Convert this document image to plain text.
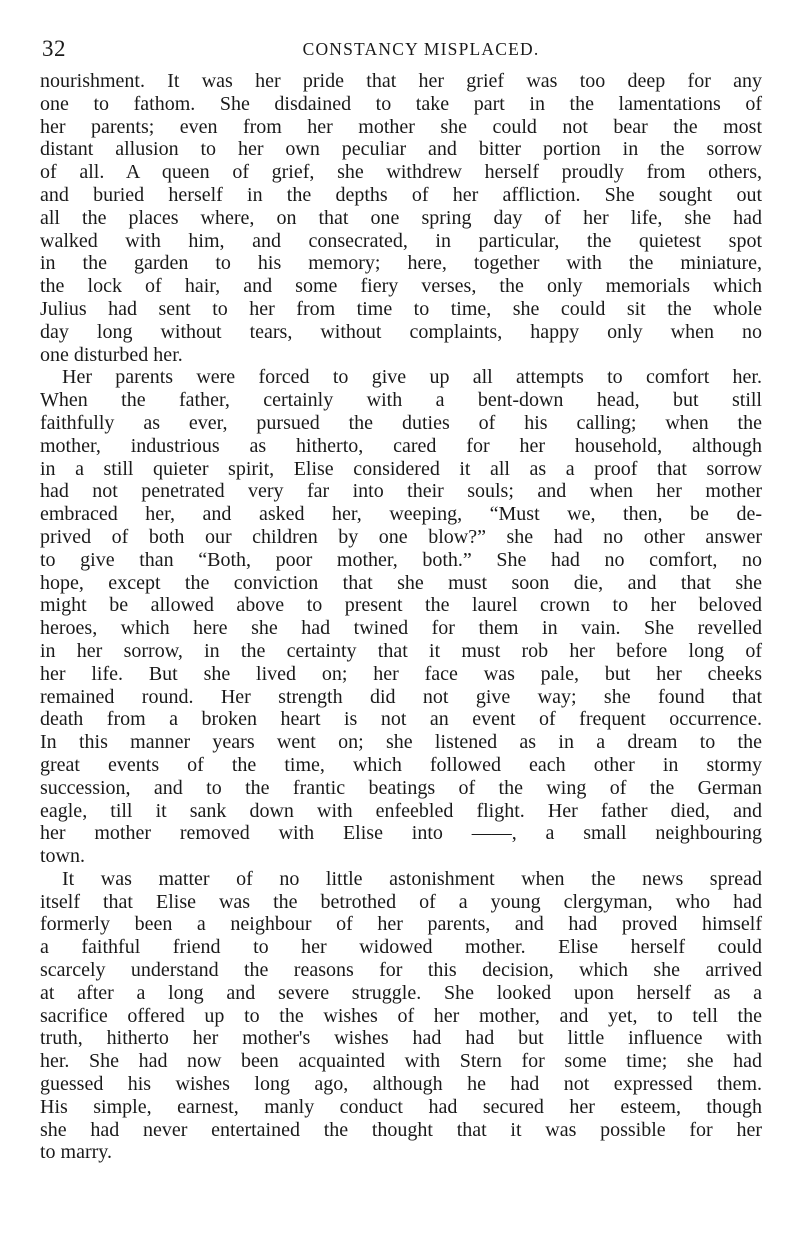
32	CONSTANCY MISPLACED.

nourishment. It was her pride that her grief was too deep for any
one to fathom. She disdained to take part in the lamentations of
her parents; even from her mother she could not bear the most
distant allusion to her own peculiar and bitter portion in the sorrow
of all. A queen of grief, she withdrew herself proudly from others,
and buried herself in the depths of her affliction. She sought out
all the places where, on that one spring day of her life, she had
walked with him, and consecrated, in particular, the quietest spot
in the garden to his memory; here, together with the miniature,
the lock of hair, and some fiery verses, the only memorials which
Julius had sent to her from time to time, she could sit the whole
day long without tears, without complaints, happy only when no
one disturbed her.

Her parents were forced to give up all attempts to comfort her.
When the father, certainly with a bent-down head, but still
faithfully as ever, pursued the duties of his calling; when the
mother, industrious as hitherto, cared for her household, although
in a still quieter spirit, Elise considered it all as a proof that sorrow
had not penetrated very far into their souls; and when her mother
embraced her, and asked her, weeping, “Must we, then, be de-
prived of both our children by one blow?” she had no other answer
to give than “Both, poor mother, both.” She had no comfort, no
hope, except the conviction that she must soon die, and that she
might be allowed above to present the laurel crown to her beloved
heroes, which here she had twined for them in vain. She revelled
in her sorrow, in the certainty that it must rob her before long of
her life. But she lived on; her face was pale, but her cheeks
remained round. Her strength did not give way; she found that
death from a broken heart is not an event of frequent occurrence.
In this manner years went on; she listened as in a dream to the
great events of the time, which followed each other in stormy
succession, and to the frantic beatings of the wing of the German
eagle, till it sank down with enfeebled flight. Her father died, and
her mother removed with Elise into ——, a small neighbouring
town.

It was matter of no little astonishment when the news spread
itself that Elise was the betrothed of a young clergyman, who had
formerly been a neighbour of her parents, and had proved himself
a faithful friend to her widowed mother. Elise herself could
scarcely understand the reasons for this decision, which she arrived
at after a long and severe struggle. She looked upon herself as a
sacrifice offered up to the wishes of her mother, and yet, to tell the
truth, hitherto her mother's wishes had had but little influence with
her. She had now been acquainted with Stern for some time; she had
guessed his wishes long ago, although he had not expressed them.
His simple, earnest, manly conduct had secured her esteem, though
she had never entertained the thought that it was possible for her
to marry.
